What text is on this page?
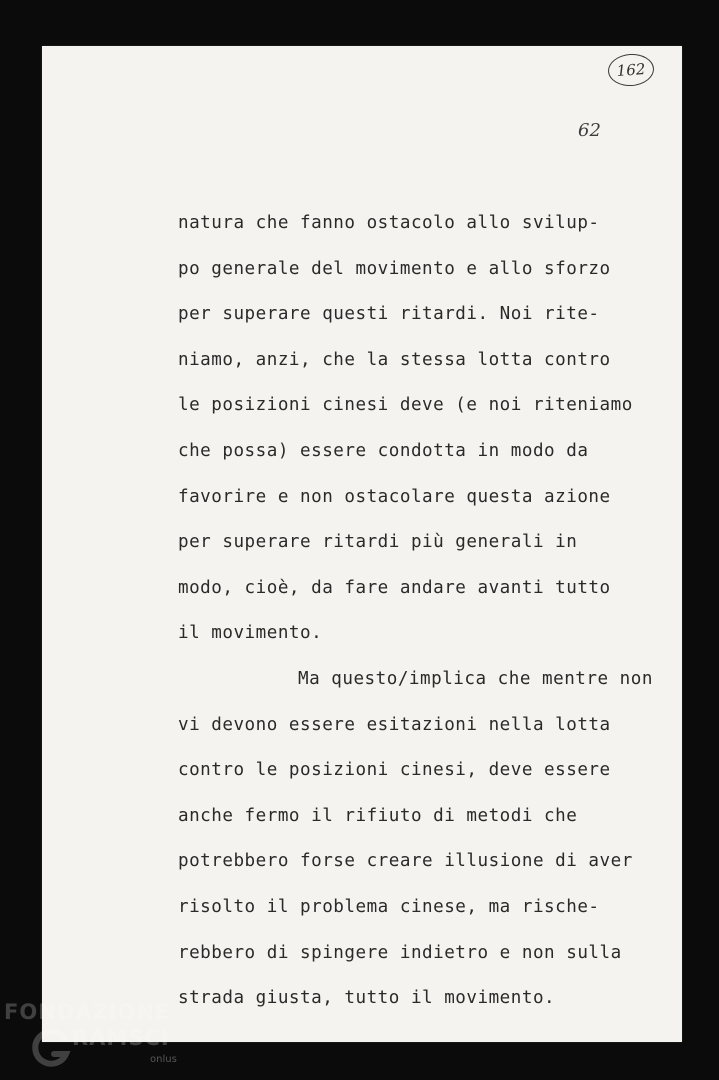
162
62
natura che fanno ostacolo allo svilup-
po generale del movimento e allo sforzo
per superare questi ritardi. Noi rite-
niamo, anzi, che la stessa lotta contro
le posizioni cinesi deve (e noi riteniamo
che possa) essere condotta in modo da
favorire e non ostacolare questa azione
per superare ritardi più generali in
modo, cioè, da fare andare avanti tutto
il movimento.
Ma questo/implica che mentre non
vi devono essere esitazioni nella lotta
contro le posizioni cinesi, deve essere
anche fermo il rifiuto di metodi che
potrebbero forse creare illusione di aver
risolto il problema cinese, ma rische-
rebbero di spingere indietro e non sulla
strada giusta, tutto il movimento.
FONDAZIONE
RAMSCI
onlus
